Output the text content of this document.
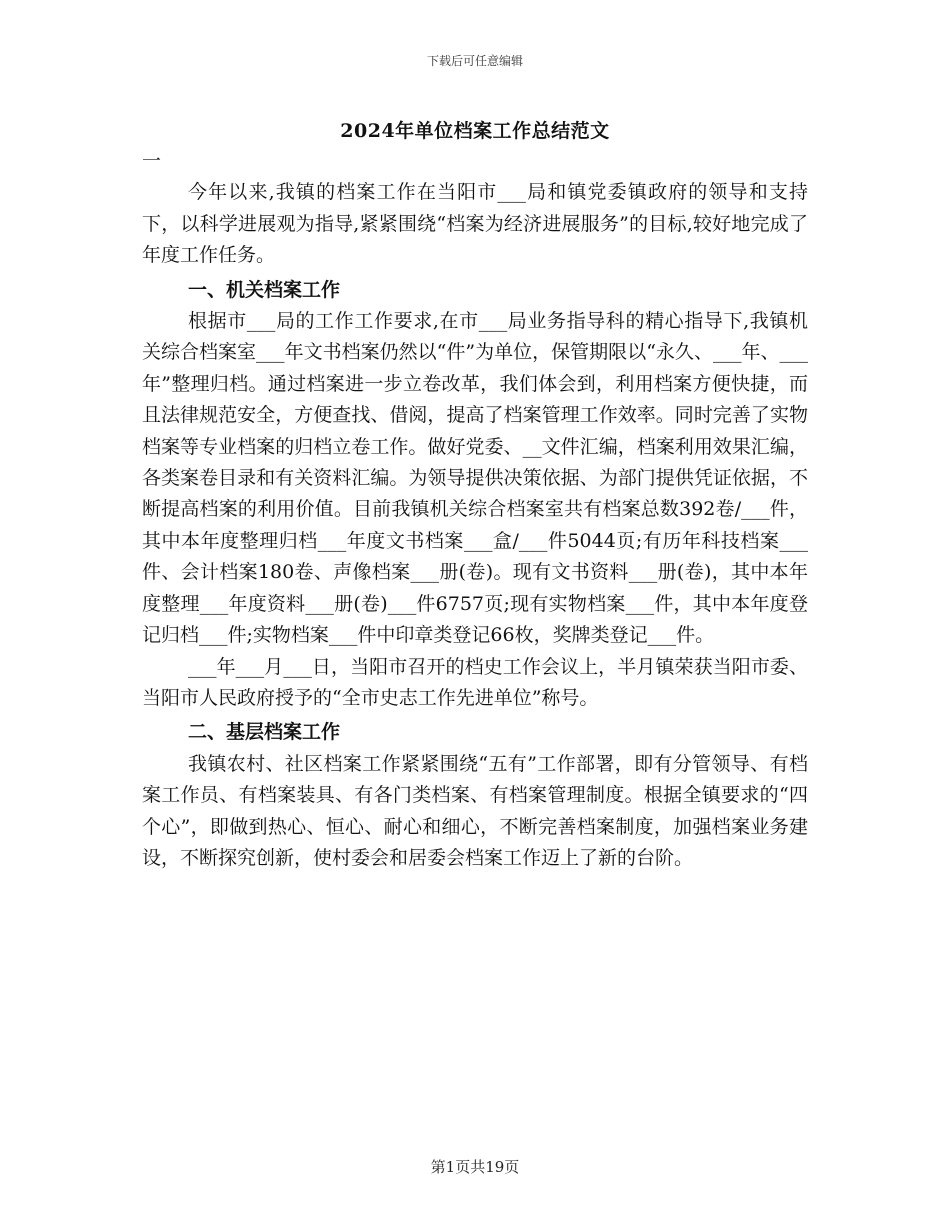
下载后可任意编辑
2024年单位档案工作总结范文

一

今年以来,我镇的档案工作在当阳市___局和镇党委镇政府的领导和支持下，以科学进展观为指导,紧紧围绕“档案为经济进展服务”的目标,较好地完成了年度工作任务。

一、机关档案工作

根据市___局的工作工作要求,在市___局业务指导科的精心指导下,我镇机关综合档案室___年文书档案仍然以“件”为单位，保管期限以“永久、___年、___年”整理归档。通过档案进一步立卷改革，我们体会到，利用档案方便快捷，而且法律规范安全，方便查找、借阅，提高了档案管理工作效率。同时完善了实物档案等专业档案的归档立卷工作。做好党委、__文件汇编，档案利用效果汇编，各类案卷目录和有关资料汇编。为领导提供决策依据、为部门提供凭证依据，不断提高档案的利用价值。目前我镇机关综合档案室共有档案总数392卷/___件，其中本年度整理归档___年度文书档案___盒/___件5044页;有历年科技档案___件、会计档案180卷、声像档案___册(卷)。现有文书资料___册(卷)，其中本年度整理___年度资料___册(卷)___件6757页;现有实物档案___件，其中本年度登记归档___件;实物档案___件中印章类登记66枚，奖牌类登记___件。

___年___月___日，当阳市召开的档史工作会议上，半月镇荣获当阳市委、当阳市人民政府授予的“全市史志工作先进单位”称号。

二、基层档案工作

我镇农村、社区档案工作紧紧围绕“五有”工作部署，即有分管领导、有档案工作员、有档案装具、有各门类档案、有档案管理制度。根据全镇要求的“四个心”，即做到热心、恒心、耐心和细心，不断完善档案制度，加强档案业务建设，不断探究创新，使村委会和居委会档案工作迈上了新的台阶。

第1页共19页
